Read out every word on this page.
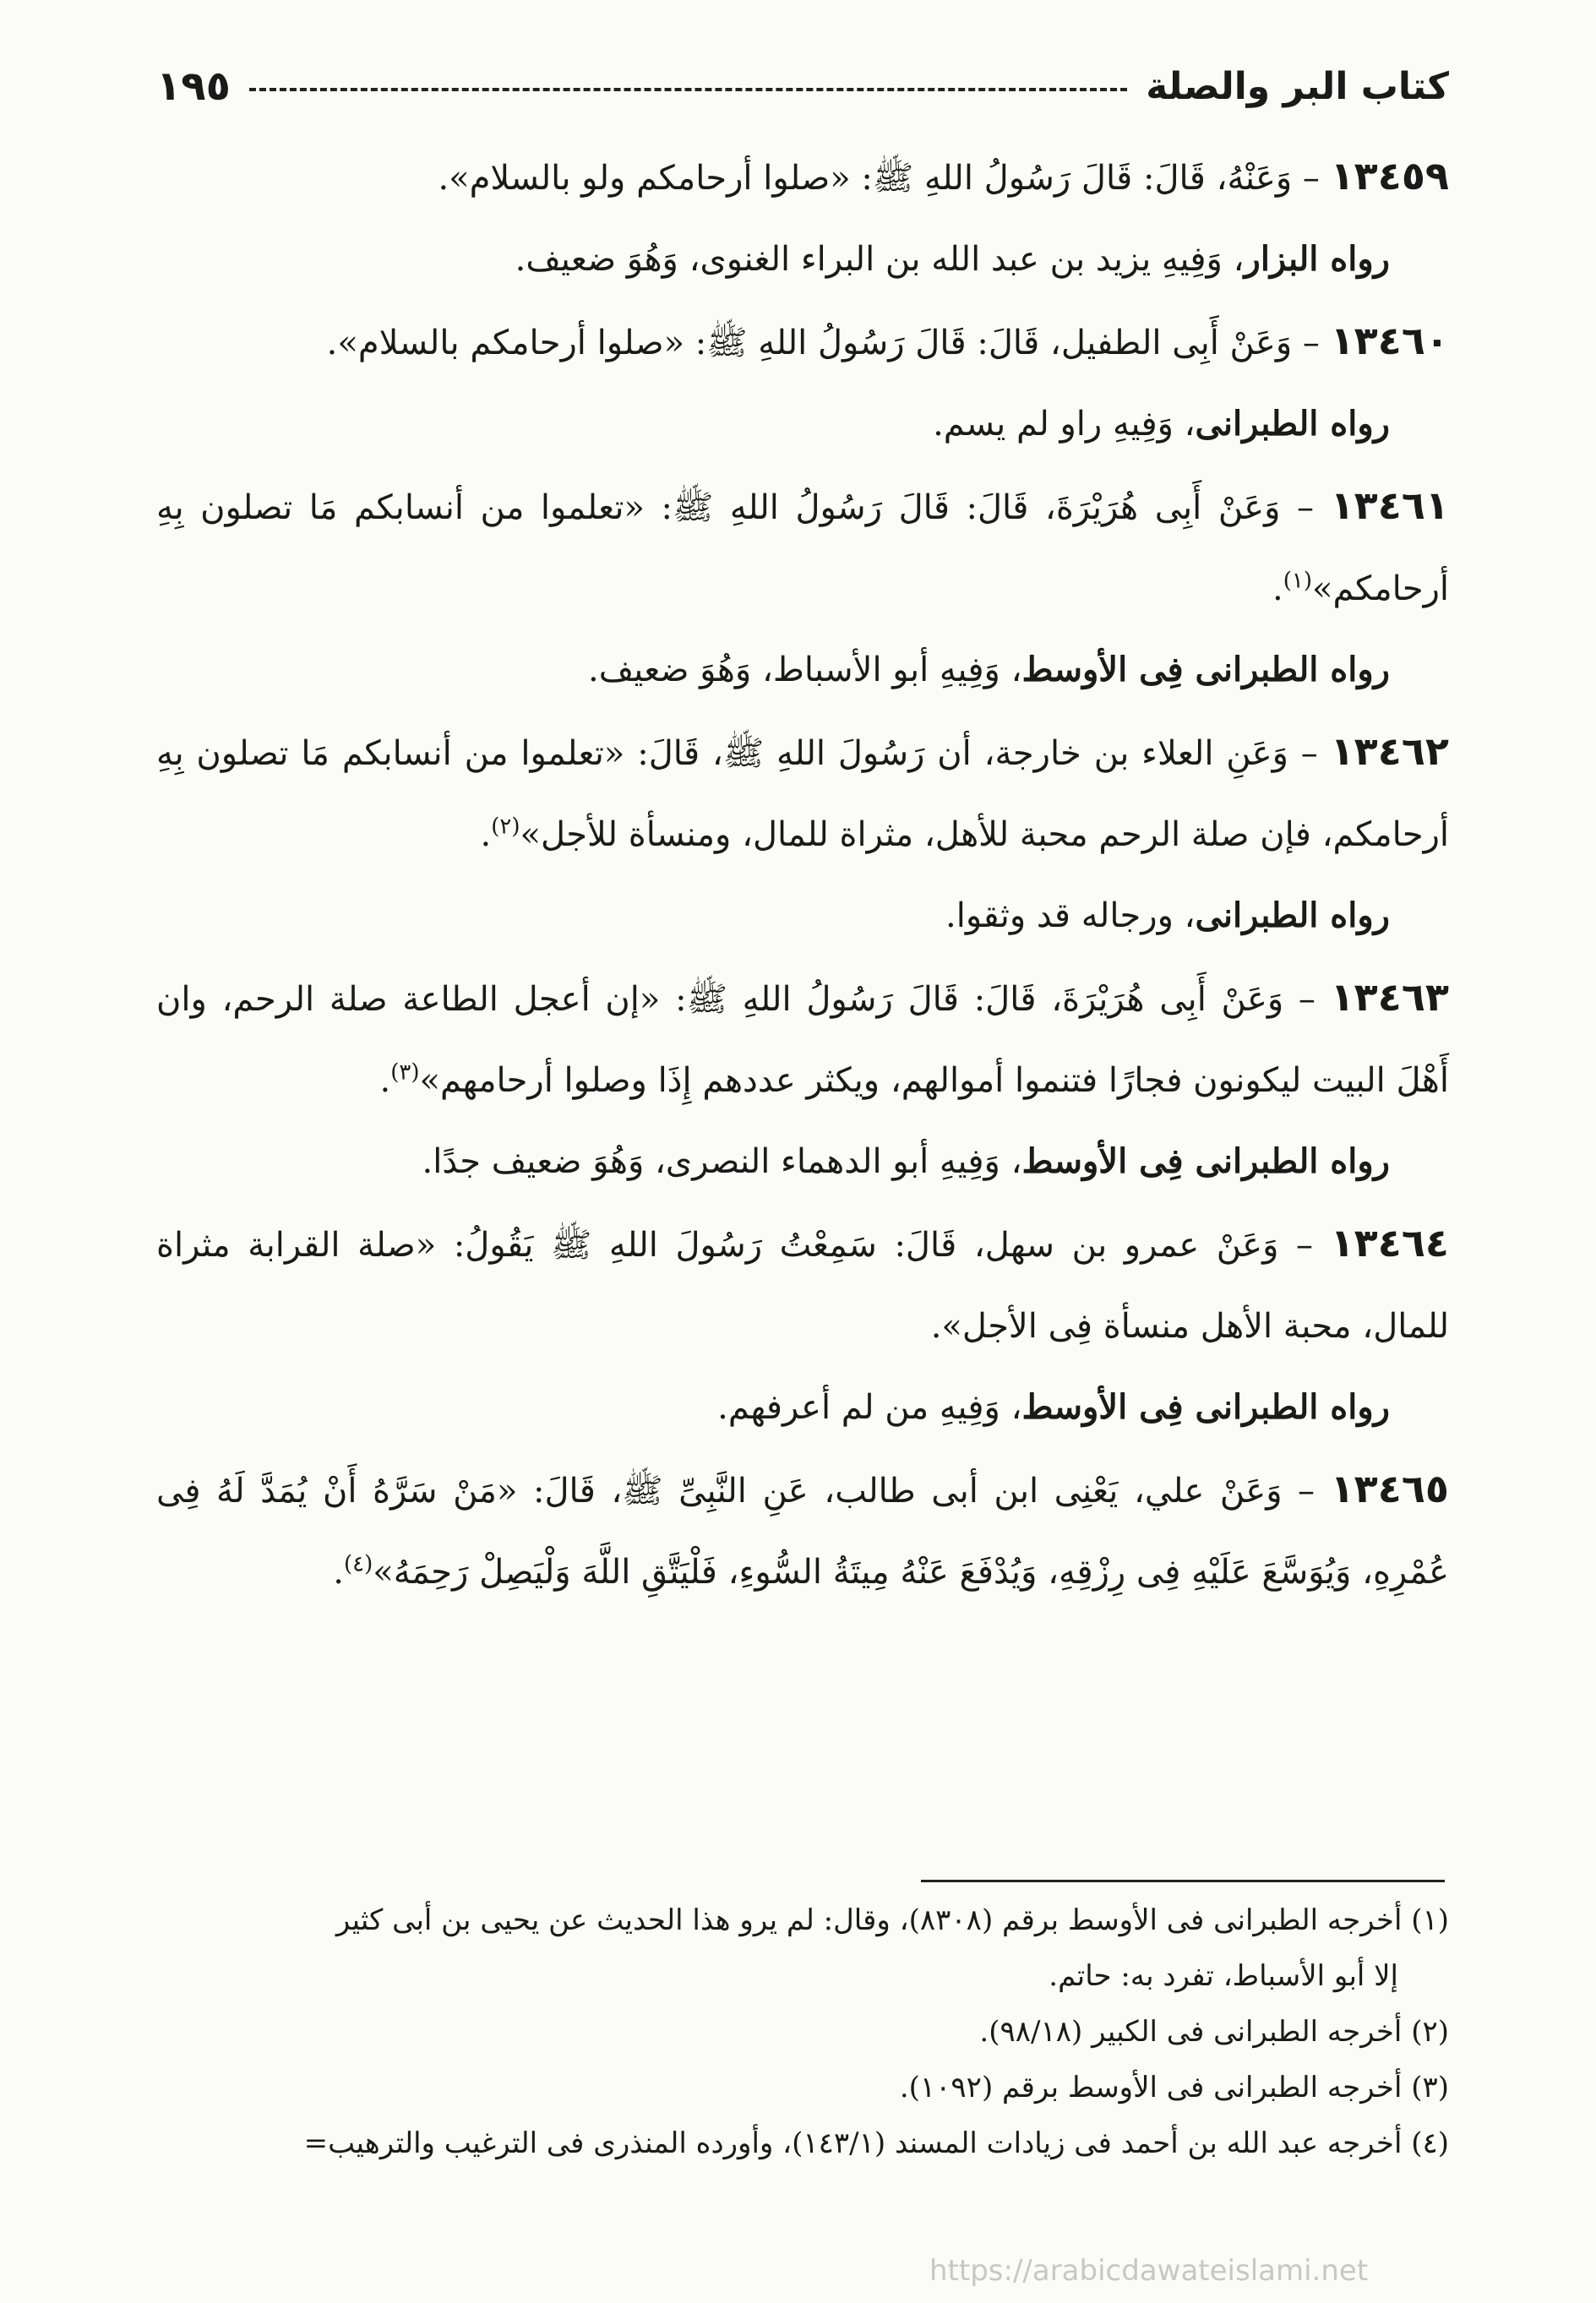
كتاب البر والصلة
١٩٥

١٣٤٥٩ – وَعَنْهُ، قَالَ: قَالَ رَسُولُ اللهِ ﷺ: «صلوا أرحامكم ولو بالسلام».

رواه البزار، وَفِيهِ يزيد بن عبد الله بن البراء الغنوى، وَهُوَ ضعيف.

١٣٤٦٠ – وَعَنْ أَبِى الطفيل، قَالَ: قَالَ رَسُولُ اللهِ ﷺ: «صلوا أرحامكم بالسلام».

رواه الطبرانى، وَفِيهِ راو لم يسم.

١٣٤٦١ – وَعَنْ أَبِى هُرَيْرَةَ، قَالَ: قَالَ رَسُولُ اللهِ ﷺ: «تعلموا من أنسابكم مَا تصلون بِهِ أرحامكم»$^{(١)}$.

رواه الطبرانى فِى الأوسط، وَفِيهِ أبو الأسباط، وَهُوَ ضعيف.

١٣٤٦٢ – وَعَنِ العلاء بن خارجة، أن رَسُولَ اللهِ ﷺ، قَالَ: «تعلموا من أنسابكم مَا تصلون بِهِ أرحامكم، فإن صلة الرحم محبة للأهل، مثراة للمال، ومنسأة للأجل»$^{(٢)}$.

رواه الطبرانى، ورجاله قد وثقوا.

١٣٤٦٣ – وَعَنْ أَبِى هُرَيْرَةَ، قَالَ: قَالَ رَسُولُ اللهِ ﷺ: «إن أعجل الطاعة صلة الرحم، وان أَهْلَ البيت ليكونون فجارًا فتنموا أموالهم، ويكثر عددهم إِذَا وصلوا أرحامهم»$^{(٣)}$.

رواه الطبرانى فِى الأوسط، وَفِيهِ أبو الدهماء النصرى، وَهُوَ ضعيف جدًا.

١٣٤٦٤ – وَعَنْ عمرو بن سهل، قَالَ: سَمِعْتُ رَسُولَ اللهِ ﷺ يَقُولُ: «صلة القرابة مثراة للمال، محبة الأهل منسأة فِى الأجل».

رواه الطبرانى فِى الأوسط، وَفِيهِ من لم أعرفهم.

١٣٤٦٥ – وَعَنْ علي، يَعْنِى ابن أبى طالب، عَنِ النَّبِىِّ ﷺ، قَالَ: «مَنْ سَرَّهُ أَنْ يُمَدَّ لَهُ فِى عُمْرِهِ، وَيُوَسَّعَ عَلَيْهِ فِى رِزْقِهِ، وَيُدْفَعَ عَنْهُ مِيتَةُ السُّوءِ، فَلْيَتَّقِ اللَّهَ وَلْيَصِلْ رَحِمَهُ»$^{(٤)}$.

(١) أخرجه الطبرانى فى الأوسط برقم (٨٣٠٨)، وقال: لم يرو هذا الحديث عن يحيى بن أبى كثير

إلا أبو الأسباط، تفرد به: حاتم.

(٢) أخرجه الطبرانى فى الكبير (٩٨/١٨).

(٣) أخرجه الطبرانى فى الأوسط برقم (١٠٩٢).

(٤) أخرجه عبد الله بن أحمد فى زيادات المسند (١٤٣/١)، وأورده المنذرى فى الترغيب والترهيب=

https://arabicdawateislami.net
